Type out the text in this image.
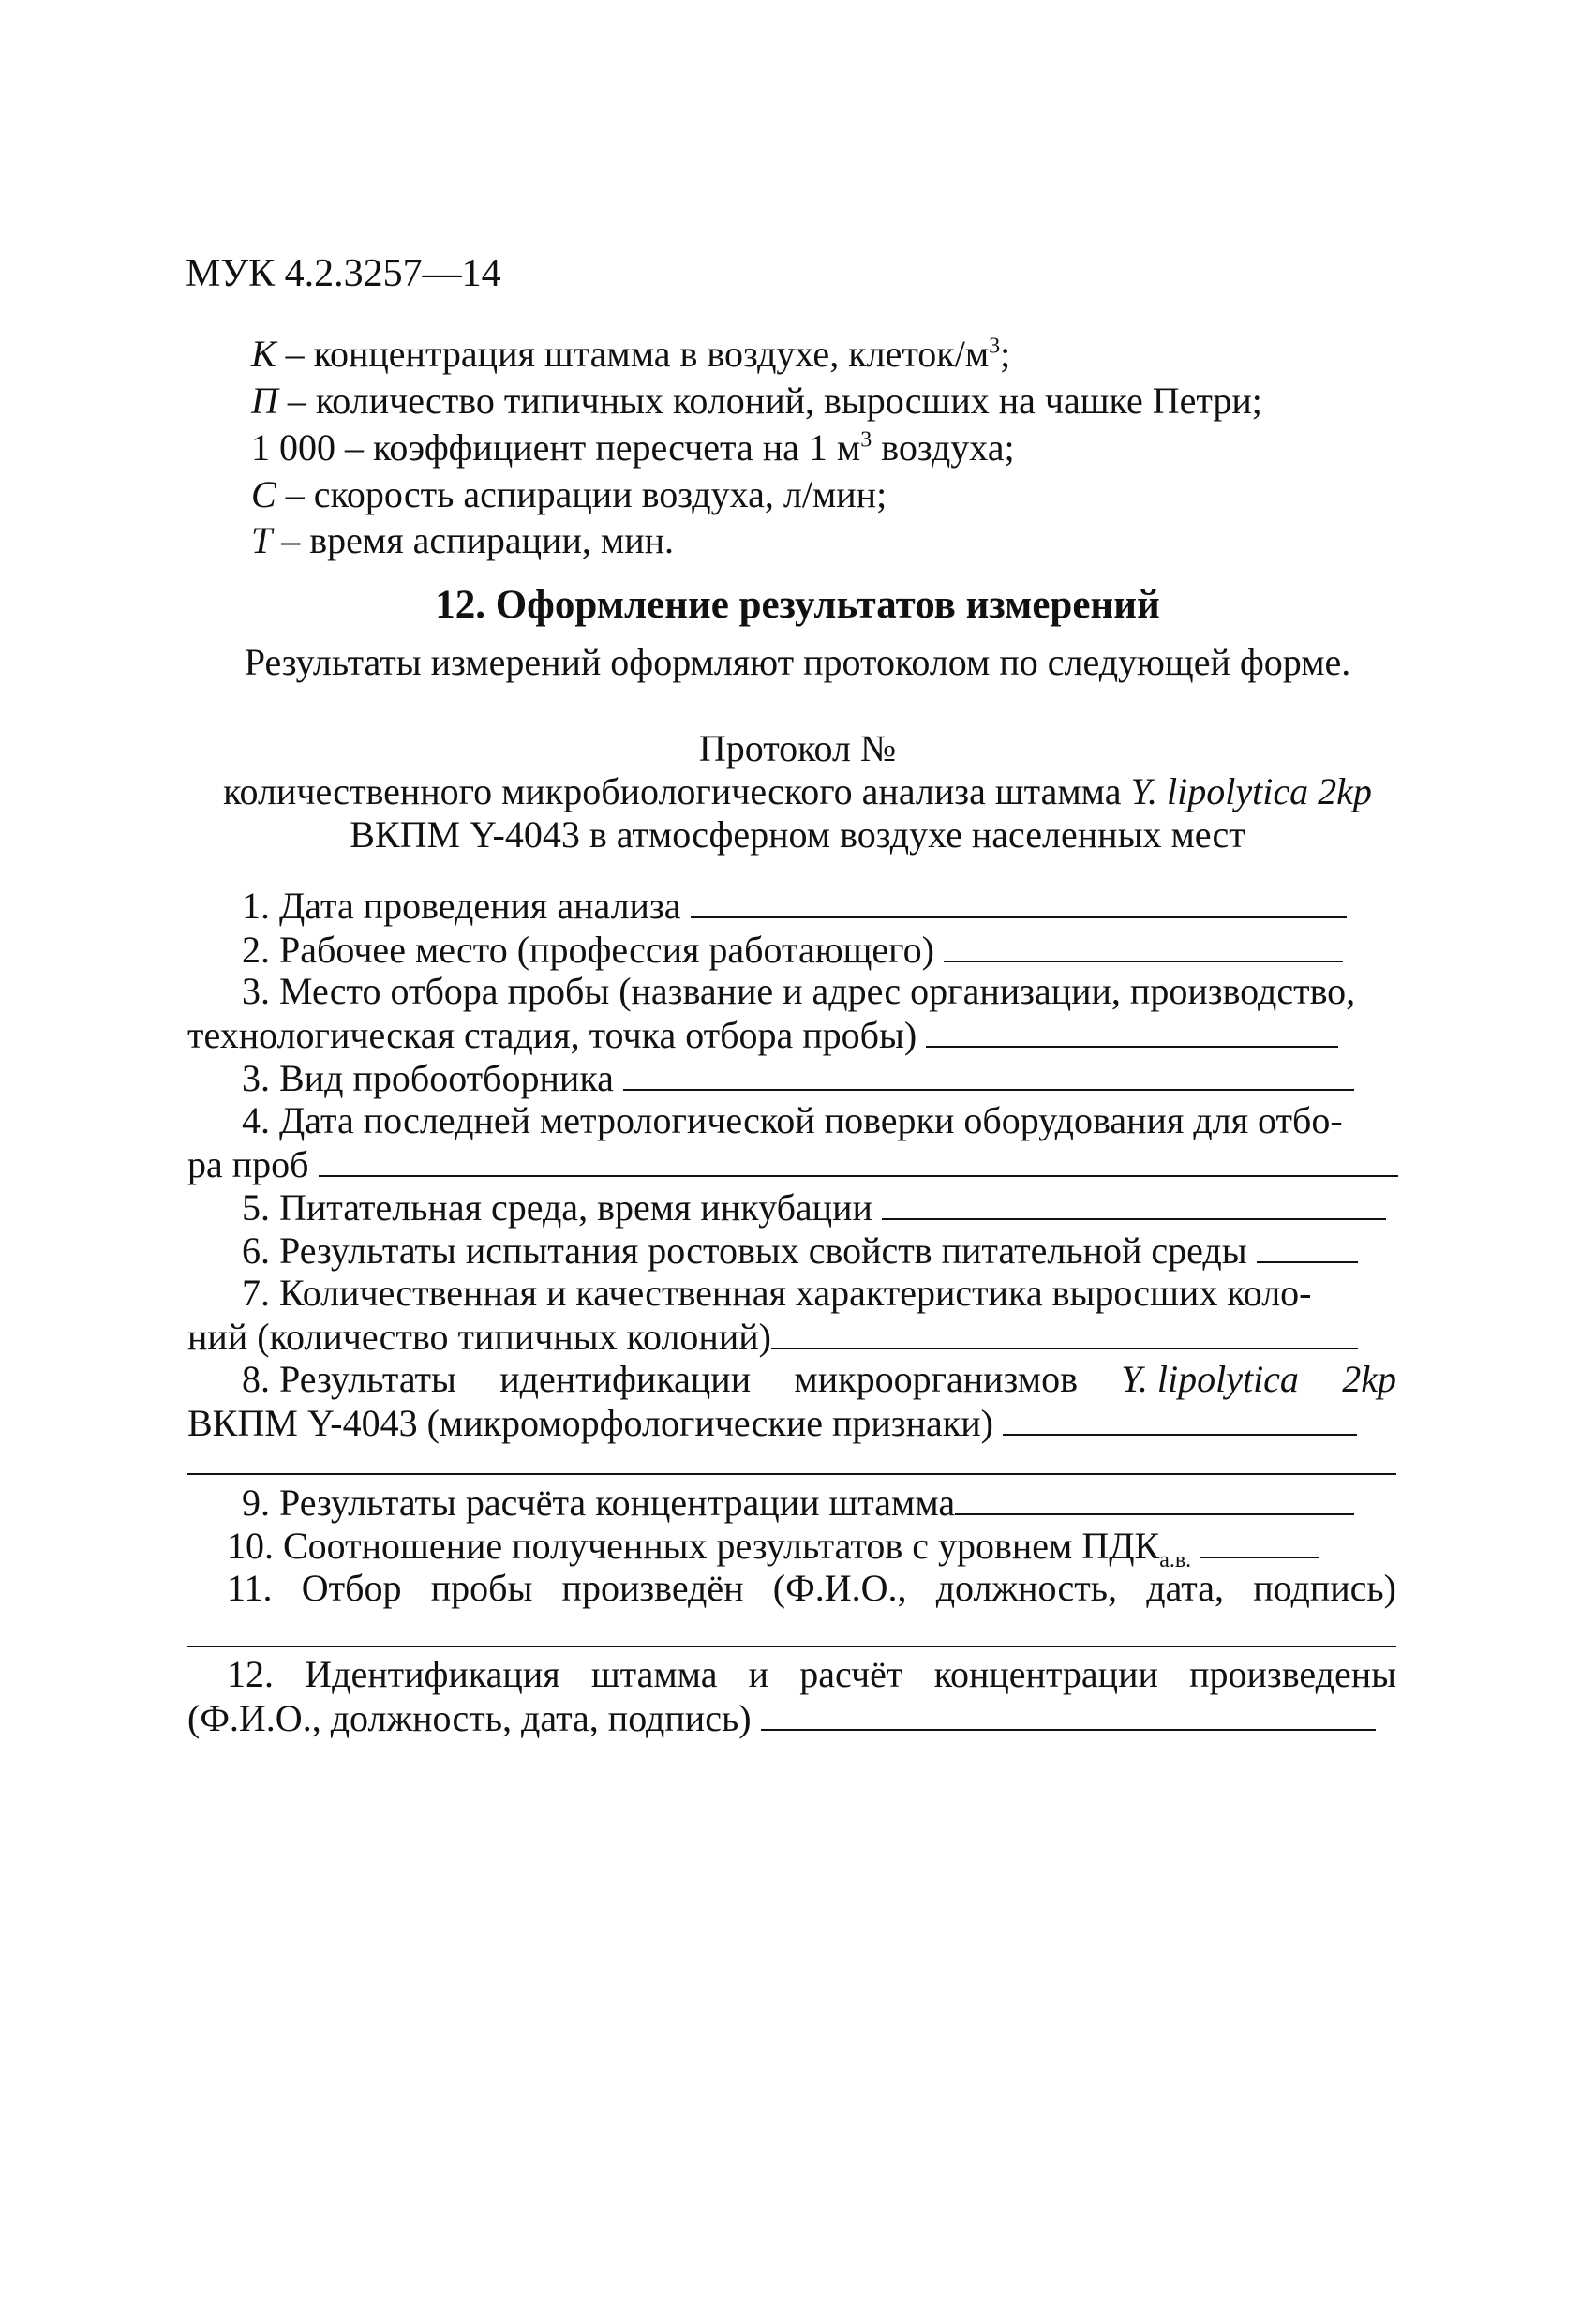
МУК 4.2.3257—14
К – концентрация штамма в воздухе, клеток/$м^3$;
П – количество типичных колоний, выросших на чашке Петри;
1 000 – коэффициент пересчета на 1 $м^3$ воздуха;
С – скорость аспирации воздуха, л/мин;
Т – время аспирации, мин.
12. Оформление результатов измерений
Результаты измерений оформляют протоколом по следующей форме.
Протокол №
количественного микробиологического анализа штамма Y. lipolytica 2kp
ВКПМ Y-4043 в атмосферном воздухе населенных мест
1. Дата проведения анализа
2. Рабочее место (профессия работающего)
3. Место отбора пробы (название и адрес организации, производство,
технологическая стадия, точка отбора пробы)
3. Вид пробоотборника
4. Дата последней метрологической поверки оборудования для отбо-
ра проб
5. Питательная среда, время инкубации
6. Результаты испытания ростовых свойств питательной среды
7. Количественная и качественная характеристика выросших коло-
ний (количество типичных колоний)
8. Результаты идентификации микроорганизмов Y. lipolytica 2kp
ВКПМ Y-4043 (микроморфологические признаки)
9. Результаты расчёта концентрации штамма
10. Соотношение полученных результатов с уровнем $ПДК_{а.в.}$
11. Отбор пробы произведён (Ф.И.О., должность, дата, подпись)
12. Идентификация штамма и расчёт концентрации произведены
(Ф.И.О., должность, дата, подпись)
